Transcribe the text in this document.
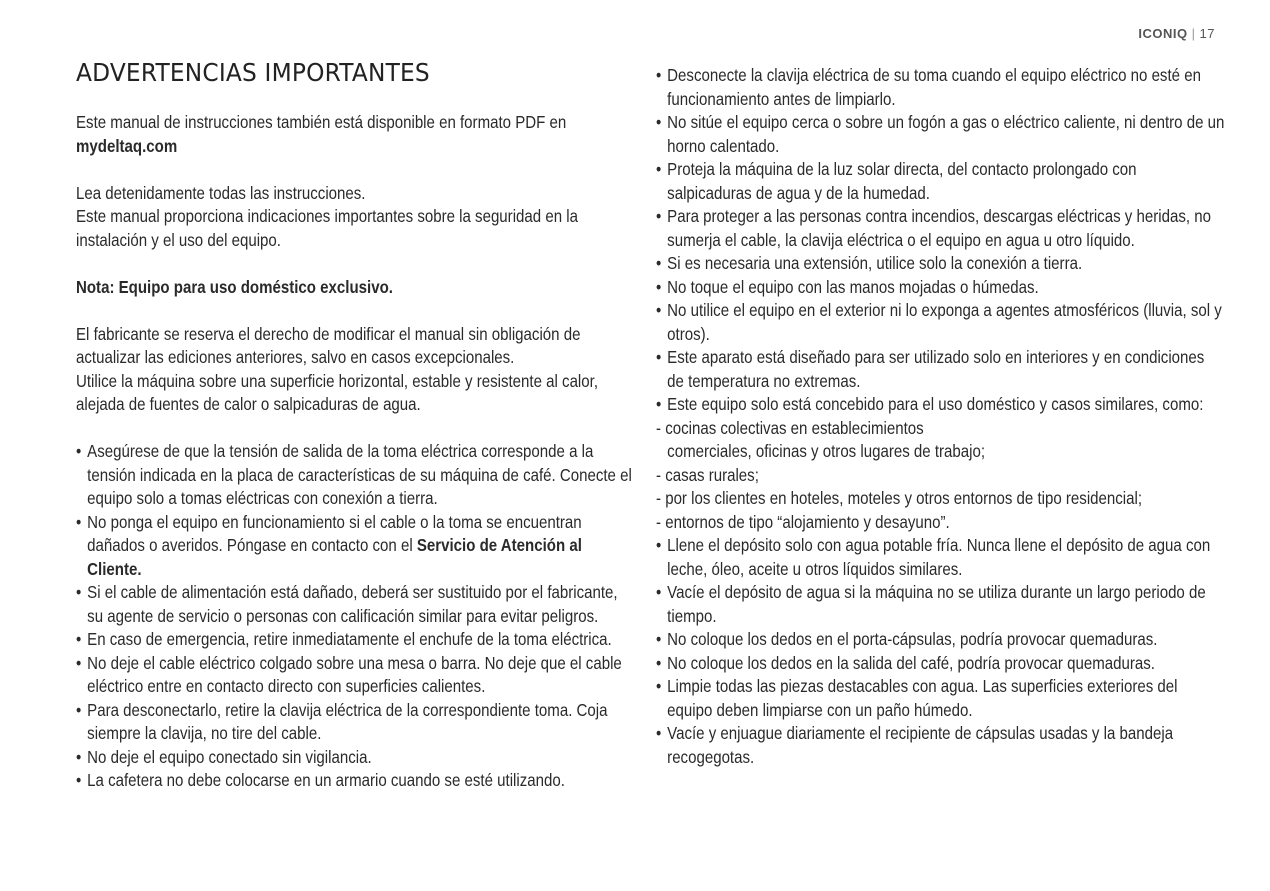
ICONIQ | 17
ADVERTENCIAS IMPORTANTES

Este manual de instrucciones también está disponible en formato PDF en mydeltaq.com

Lea detenidamente todas las instrucciones.

Este manual proporciona indicaciones importantes sobre la seguridad en la instalación y el uso del equipo.

Nota: Equipo para uso doméstico exclusivo.

El fabricante se reserva el derecho de modificar el manual sin obligación de actualizar las ediciones anteriores, salvo en casos excepcionales.

Utilice la máquina sobre una superficie horizontal, estable y resistente al calor, alejada de fuentes de calor o salpicaduras de agua.

• Asegúrese de que la tensión de salida de la toma eléctrica corresponde a la tensión indicada en la placa de características de su máquina de café. Conecte el equipo solo a tomas eléctricas con conexión a tierra.
• No ponga el equipo en funcionamiento si el cable o la toma se encuentran dañados o averidos. Póngase en contacto con el Servicio de Atención al Cliente.
• Si el cable de alimentación está dañado, deberá ser sustituido por el fabricante, su agente de servicio o personas con calificación similar para evitar peligros.
• En caso de emergencia, retire inmediatamente el enchufe de la toma eléctrica.
• No deje el cable eléctrico colgado sobre una mesa o barra. No deje que el cable eléctrico entre en contacto directo con superficies calientes.
• Para desconectarlo, retire la clavija eléctrica de la correspondiente toma. Coja siempre la clavija, no tire del cable.
• No deje el equipo conectado sin vigilancia.
• La cafetera no debe colocarse en un armario cuando se esté utilizando.
• Desconecte la clavija eléctrica de su toma cuando el equipo eléctrico no esté en funcionamiento antes de limpiarlo.
• No sitúe el equipo cerca o sobre un fogón a gas o eléctrico caliente, ni dentro de un horno calentado.
• Proteja la máquina de la luz solar directa, del contacto prolongado con salpicaduras de agua y de la humedad.
• Para proteger a las personas contra incendios, descargas eléctricas y heridas, no sumerja el cable, la clavija eléctrica o el equipo en agua u otro líquido.
• Si es necesaria una extensión, utilice solo la conexión a tierra.
• No toque el equipo con las manos mojadas o húmedas.
• No utilice el equipo en el exterior ni lo exponga a agentes atmosféricos (lluvia, sol y otros).
• Este aparato está diseñado para ser utilizado solo en interiores y en condiciones de temperatura no extremas.
• Este equipo solo está concebido para el uso doméstico y casos similares, como:
- cocinas colectivas en establecimientos
comerciales, oficinas y otros lugares de trabajo;
- casas rurales;
- por los clientes en hoteles, moteles y otros entornos de tipo residencial;
- entornos de tipo “alojamiento y desayuno”.
• Llene el depósito solo con agua potable fría. Nunca llene el depósito de agua con leche, óleo, aceite u otros líquidos similares.
• Vacíe el depósito de agua si la máquina no se utiliza durante un largo periodo de tiempo.
• No coloque los dedos en el porta-cápsulas, podría provocar quemaduras.
• No coloque los dedos en la salida del café, podría provocar quemaduras.
• Limpie todas las piezas destacables con agua. Las superficies exteriores del equipo deben limpiarse con un paño húmedo.
• Vacíe y enjuague diariamente el recipiente de cápsulas usadas y la bandeja recogegotas.
